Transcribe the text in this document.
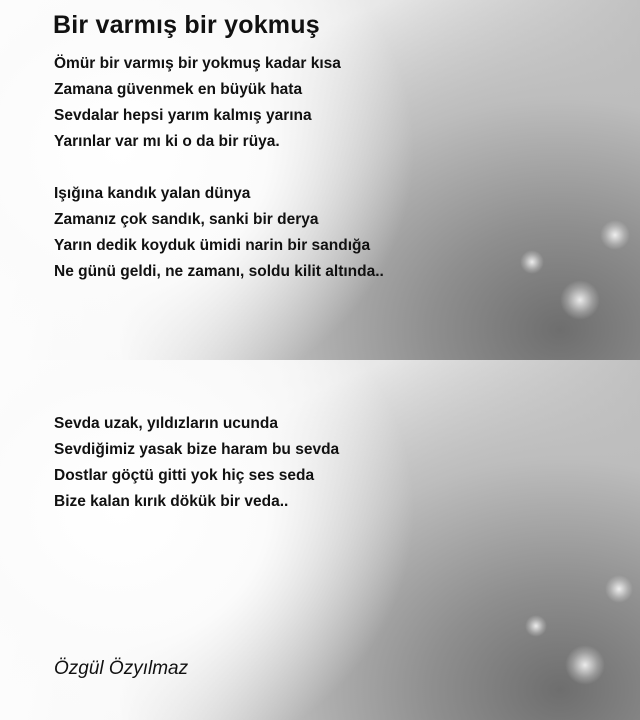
Bir varmış bir yokmuş
Ömür bir varmış bir yokmuş kadar kısa
Zamana güvenmek en büyük hata
Sevdalar hepsi yarım kalmış yarına
Yarınlar var mı ki o da bir rüya.
Işığına kandık yalan dünya
Zamanız çok sandık, sanki bir derya
Yarın dedik koyduk ümidi narin bir sandığa
Ne günü geldi, ne zamanı, soldu kilit altında..
Sevda uzak, yıldızların ucunda
Sevdiğimiz yasak bize haram bu sevda
Dostlar göçtü gitti yok hiç ses seda
Bize kalan kırık dökük bir veda..
Özgül Özyılmaz
